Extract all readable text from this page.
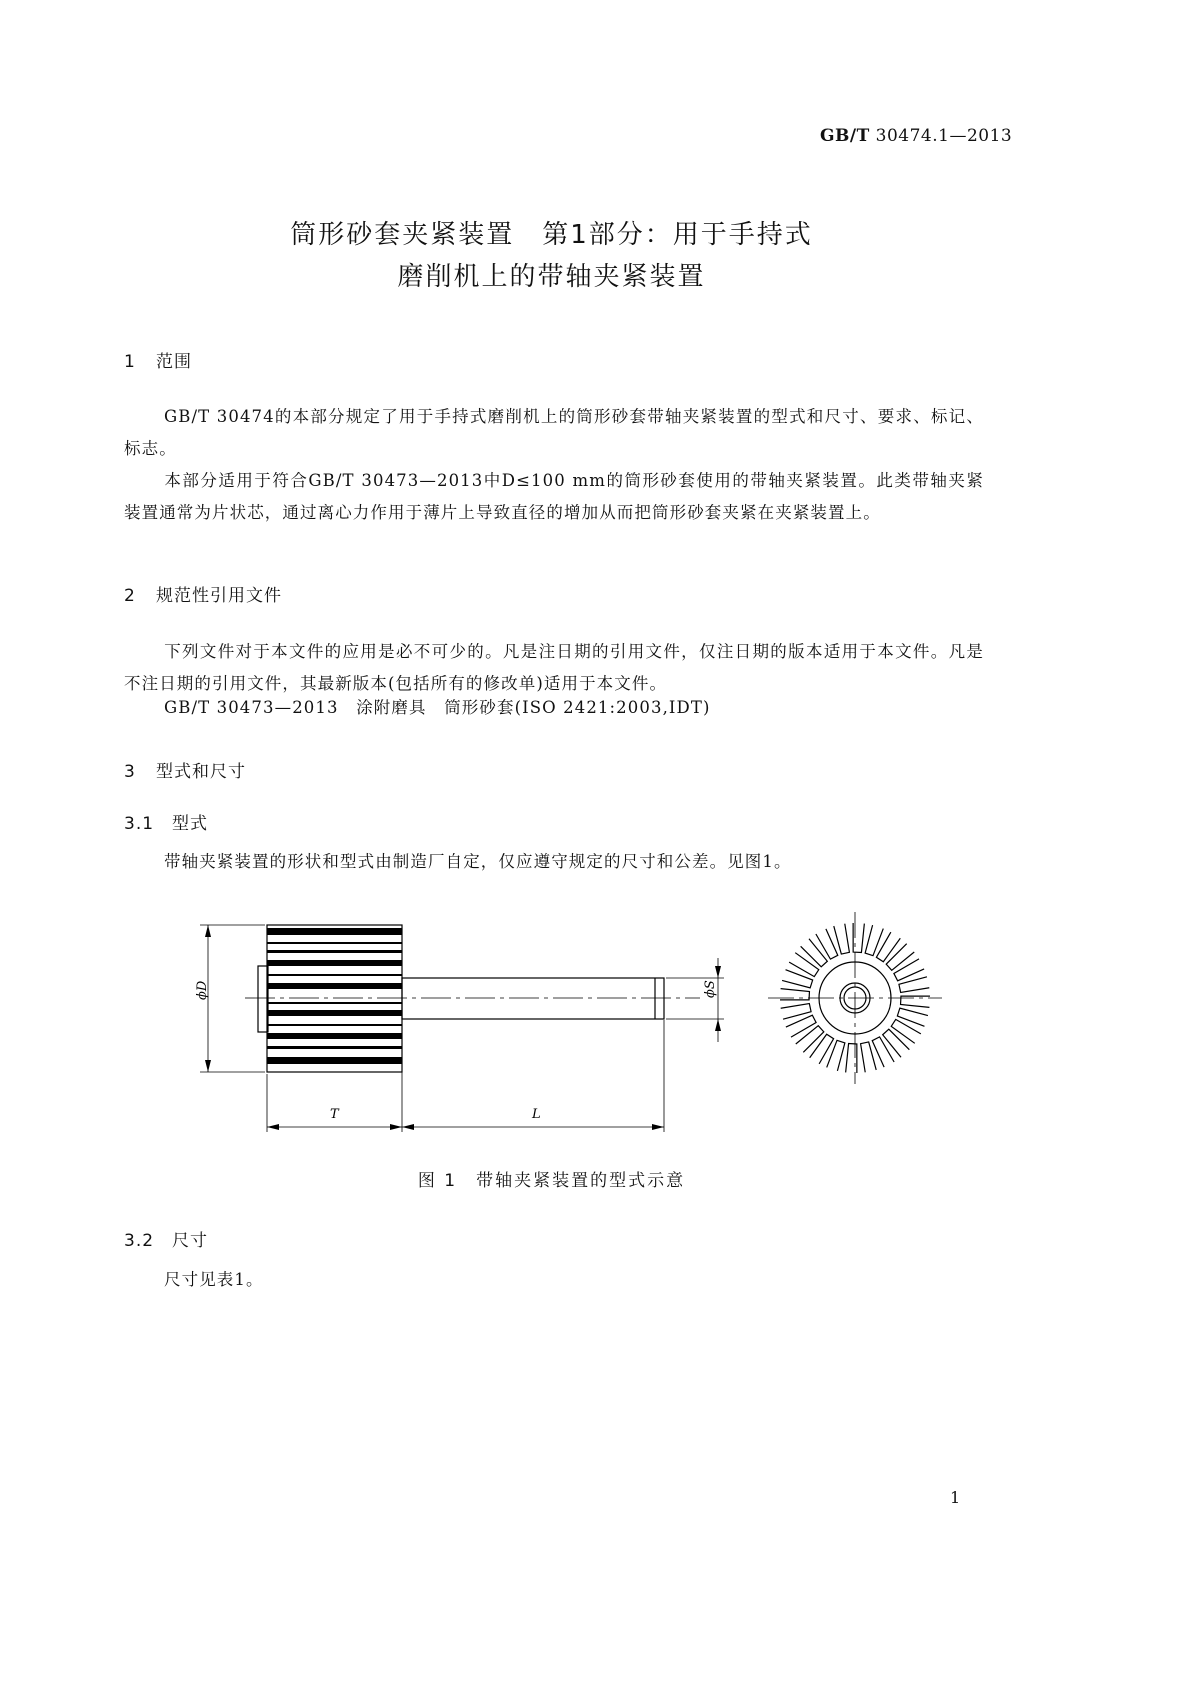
GB/T 30474.1—2013
筒形砂套夹紧装置　第1部分：用于手持式
磨削机上的带轴夹紧装置
1 范围
GB/T 30474的本部分规定了用于手持式磨削机上的筒形砂套带轴夹紧装置的型式和尺寸、要求、标记、标志。
本部分适用于符合GB/T 30473—2013中D≤100 mm的筒形砂套使用的带轴夹紧装置。此类带轴夹紧装置通常为片状芯，通过离心力作用于薄片上导致直径的增加从而把筒形砂套夹紧在夹紧装置上。
2 规范性引用文件
下列文件对于本文件的应用是必不可少的。凡是注日期的引用文件，仅注日期的版本适用于本文件。凡是不注日期的引用文件，其最新版本(包括所有的修改单)适用于本文件。
GB/T 30473—2013　涂附磨具　筒形砂套(ISO 2421:2003,IDT)
3 型式和尺寸
3.1 型式
带轴夹紧装置的形状和型式由制造厂自定，仅应遵守规定的尺寸和公差。见图1。
ϕD	ϕS
T	L
图 1　带轴夹紧装置的型式示意
3.2 尺寸
尺寸见表1。
1
